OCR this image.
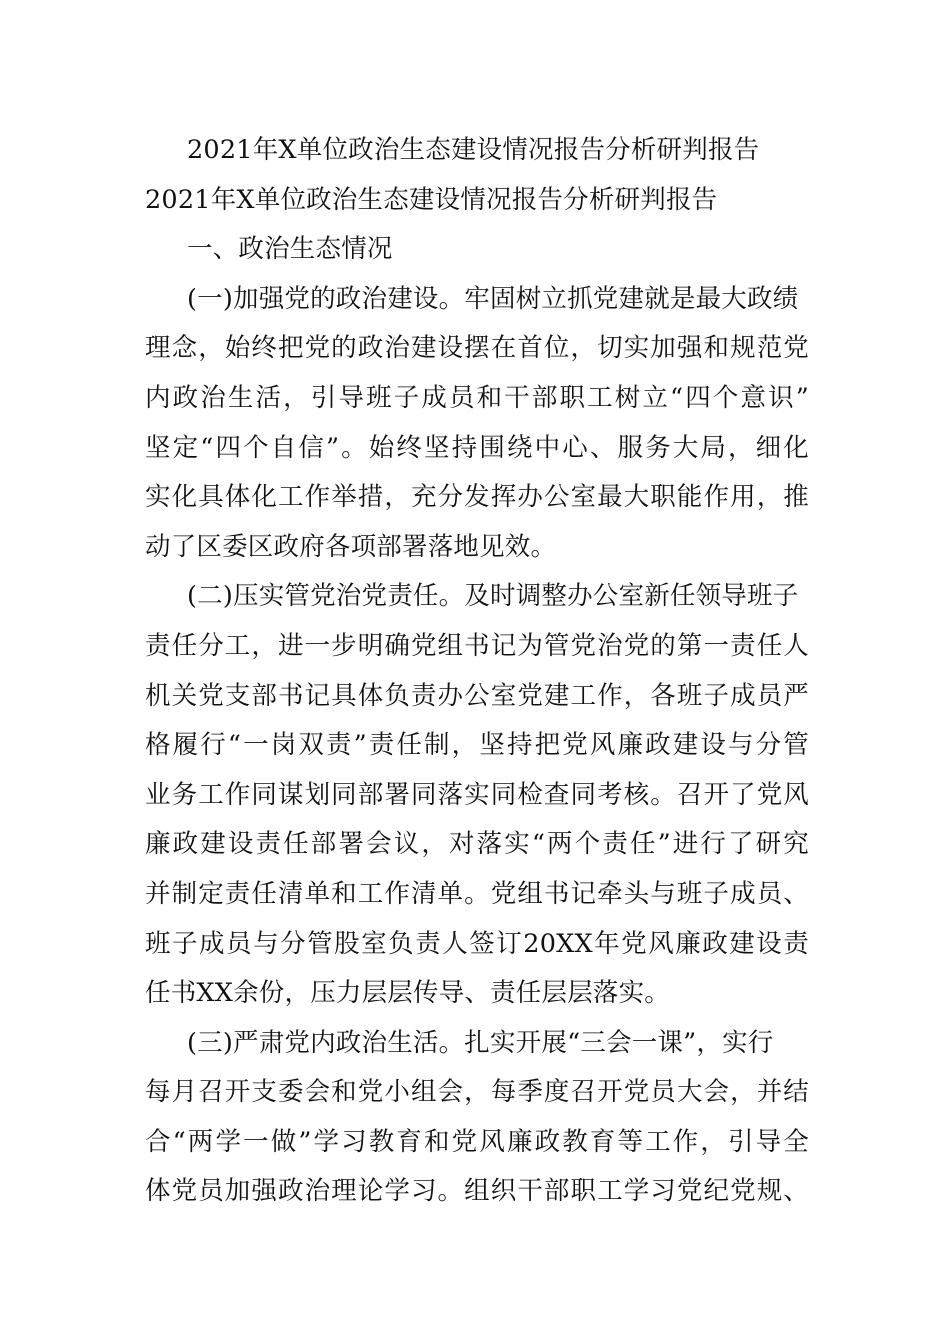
2021年X单位政治生态建设情况报告分析研判报告
2021年X单位政治生态建设情况报告分析研判报告
一、政治生态情况
(一)加强党的政治建设。牢固树立抓党建就是最大政绩
理念，始终把党的政治建设摆在首位，切实加强和规范党
内政治生活，引导班子成员和干部职工树立“四个意识”
坚定“四个自信”。始终坚持围绕中心、服务大局，细化
实化具体化工作举措，充分发挥办公室最大职能作用，推
动了区委区政府各项部署落地见效。
(二)压实管党治党责任。及时调整办公室新任领导班子
责任分工，进一步明确党组书记为管党治党的第一责任人
机关党支部书记具体负责办公室党建工作，各班子成员严
格履行“一岗双责”责任制，坚持把党风廉政建设与分管
业务工作同谋划同部署同落实同检查同考核。召开了党风
廉政建设责任部署会议，对落实“两个责任”进行了研究
并制定责任清单和工作清单。党组书记牵头与班子成员、
班子成员与分管股室负责人签订20XX年党风廉政建设责
任书XX余份，压力层层传导、责任层层落实。
(三)严肃党内政治生活。扎实开展“三会一课”，实行
每月召开支委会和党小组会，每季度召开党员大会，并结
合“两学一做”学习教育和党风廉政教育等工作，引导全
体党员加强政治理论学习。组织干部职工学习党纪党规、
